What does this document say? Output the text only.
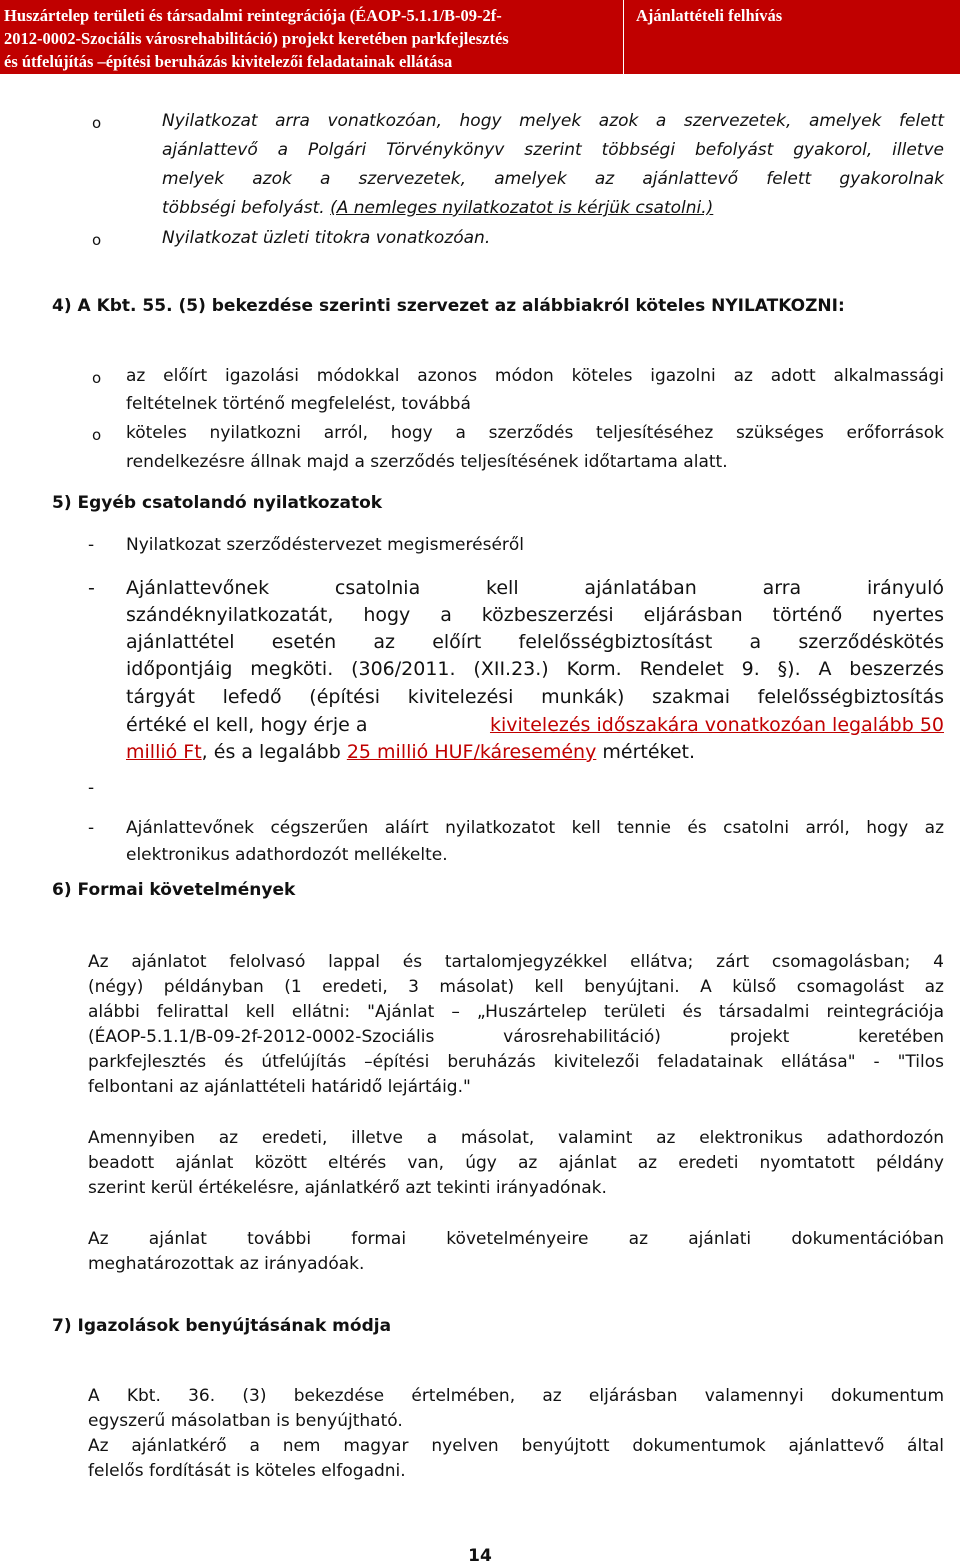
Huszártelep területi és társadalmi reintegrációja (ÉAOP-5.1.1/B-09-2f-
2012-0002-Szociális városrehabilitáció) projekt keretében parkfejlesztés
és útfelújítás –építési beruházás kivitelezői feladatainak ellátása
Ajánlattételi felhívás
o	Nyilatkozat arra vonatkozóan, hogy melyek azok a szervezetek, amelyek felett
ajánlattevő a Polgári Törvénykönyv szerint többségi befolyást gyakorol, illetve
melyek azok a szervezetek, amelyek az ajánlattevő felett gyakorolnak
többségi befolyást. (A nemleges nyilatkozatot is kérjük csatolni.)
o	Nyilatkozat üzleti titokra vonatkozóan.
4) A Kbt. 55. (5) bekezdése szerinti szervezet az alábbiakról köteles NYILATKOZNI:
o az előírt igazolási módokkal azonos módon köteles igazolni az adott alkalmassági
feltételnek történő megfelelést, továbbá
o köteles nyilatkozni arról, hogy a szerződés teljesítéséhez szükséges erőforrások
rendelkezésre állnak majd a szerződés teljesítésének időtartama alatt.
5) Egyéb csatolandó nyilatkozatok
- Nyilatkozat szerződéstervezet megismeréséről
- Ajánlattevőnek csatolnia kell ajánlatában arra irányuló
szándéknyilatkozatát, hogy a közbeszerzési eljárásban történő nyertes
ajánlattétel esetén az előírt felelősségbiztosítást a szerződéskötés
időpontjáig megköti. (306/2011. (XII.23.) Korm. Rendelet 9. §). A beszerzés
tárgyát lefedő (építési kivitelezési munkák) szakmai felelősségbiztosítás
értéké el kell, hogy érje a	kivitelezés időszakára vonatkozóan legalább 50
millió Ft, és a legalább 25 millió HUF/káresemény mértéket.
-
- Ajánlattevőnek cégszerűen aláírt nyilatkozatot kell tennie és csatolni arról, hogy az
elektronikus adathordozót mellékelte.
6) Formai követelmények
Az ajánlatot felolvasó lappal és tartalomjegyzékkel ellátva; zárt csomagolásban; 4
(négy) példányban (1 eredeti, 3 másolat) kell benyújtani. A külső csomagolást az
alábbi felirattal kell ellátni: "Ajánlat – „Huszártelep területi és társadalmi reintegrációja
(ÉAOP-5.1.1/B-09-2f-2012-0002-Szociális városrehabilitáció) projekt keretében
parkfejlesztés és útfelújítás –építési beruházás kivitelezői feladatainak ellátása" - "Tilos
felbontani az ajánlattételi határidő lejártáig."
Amennyiben az eredeti, illetve a másolat, valamint az elektronikus adathordozón
beadott ajánlat között eltérés van, úgy az ajánlat az eredeti nyomtatott példány
szerint kerül értékelésre, ajánlatkérő azt tekinti irányadónak.
Az ajánlat további formai követelményeire az ajánlati dokumentációban
meghatározottak az irányadóak.
7) Igazolások benyújtásának módja
A Kbt. 36. (3) bekezdése értelmében, az eljárásban valamennyi dokumentum
egyszerű másolatban is benyújtható.
Az ajánlatkérő a nem magyar nyelven benyújtott dokumentumok ajánlattevő által
felelős fordítását is köteles elfogadni.
14
